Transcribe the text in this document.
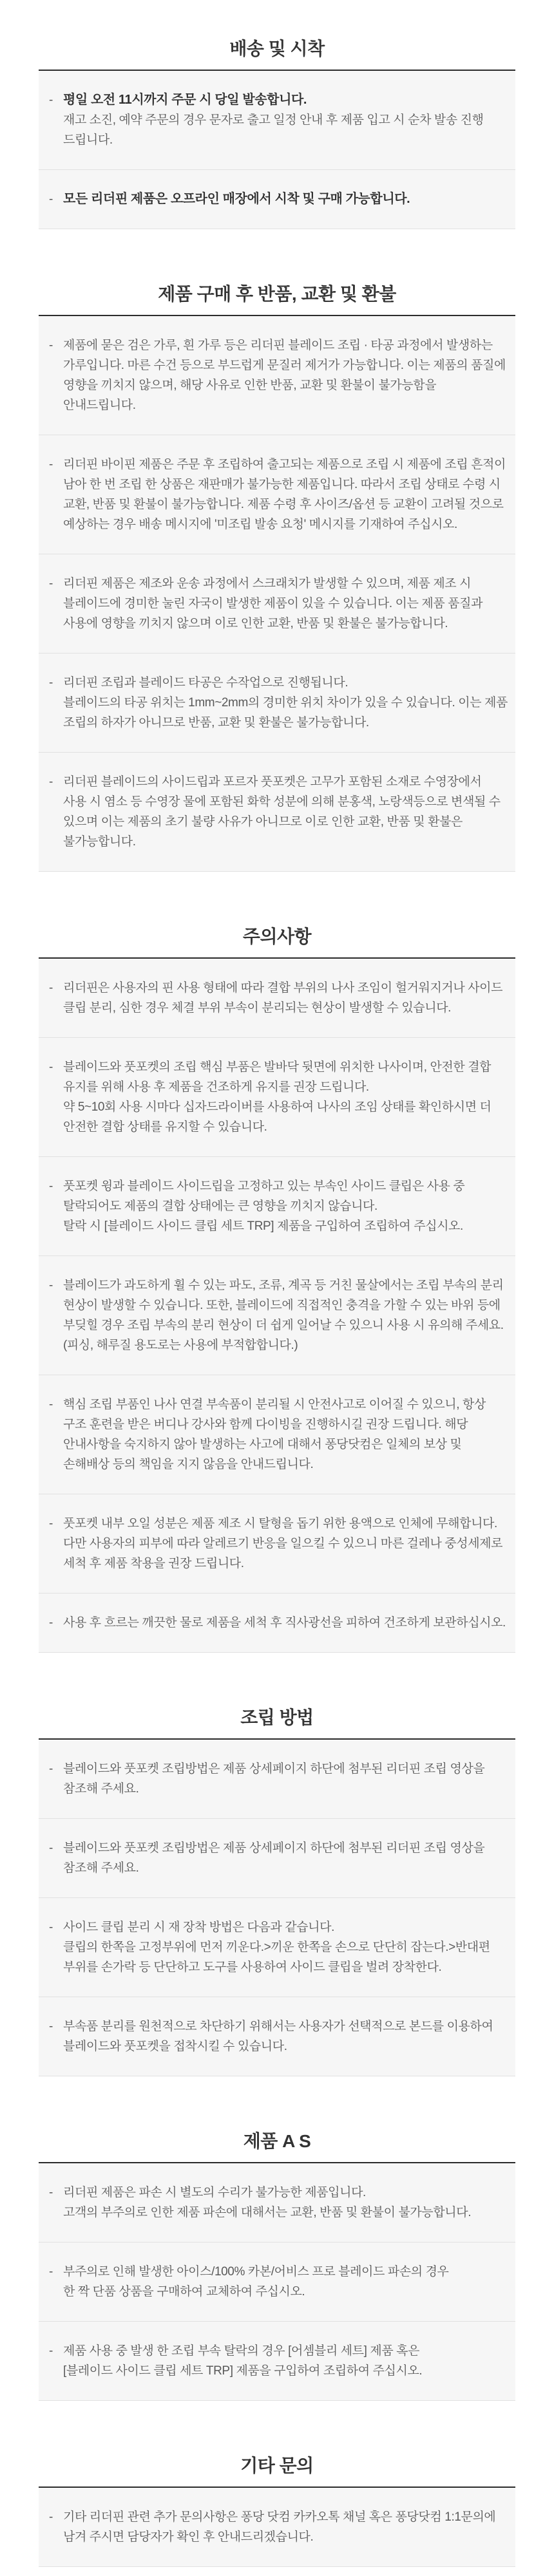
배송 및 시착
- 평일 오전 11시까지 주문 시 당일 발송합니다.
재고 소진, 예약 주문의 경우 문자로 출고 일정 안내 후 제품 입고 시 순차 발송 진행 드립니다.
- 모든 리더핀 제품은 오프라인 매장에서 시착 및 구매 가능합니다.
제품 구매 후 반품, 교환 및 환불
- 제품에 묻은 검은 가루, 흰 가루 등은 리더핀 블레이드 조립 · 타공 과정에서 발생하는 가루입니다. 마른 수건 등으로 부드럽게 문질러 제거가 가능합니다. 이는 제품의 품질에 영향을 끼치지 않으며, 해당 사유로 인한 반품, 교환 및 환불이 불가능함을 안내드립니다.
- 리더핀 바이핀 제품은 주문 후 조립하여 출고되는 제품으로 조립 시 제품에 조립 흔적이 남아 한 번 조립 한 상품은 재판매가 불가능한 제품입니다. 따라서 조립 상태로 수령 시 교환, 반품 및 환불이 불가능합니다. 제품 수령 후 사이즈/옵션 등 교환이 고려될 것으로 예상하는 경우 배송 메시지에 '미조립 발송 요청' 메시지를 기재하여 주십시오.
- 리더핀 제품은 제조와 운송 과정에서 스크래치가 발생할 수 있으며, 제품 제조 시 블레이드에 경미한 눌린 자국이 발생한 제품이 있을 수 있습니다. 이는 제품 품질과 사용에 영향을 끼치지 않으며 이로 인한 교환, 반품 및 환불은 불가능합니다.
- 리더핀 조립과 블레이드 타공은 수작업으로 진행됩니다.
블레이드의 타공 위치는 1mm~2mm의 경미한 위치 차이가 있을 수 있습니다. 이는 제품 조립의 하자가 아니므로 반품, 교환 및 환불은 불가능합니다.
- 리더핀 블레이드의 사이드립과 포르자 풋포켓은 고무가 포함된 소재로 수영장에서 사용 시 염소 등 수영장 물에 포함된 화학 성분에 의해 분홍색, 노랑색등으로 변색될 수 있으며 이는 제품의 초기 불량 사유가 아니므로 이로 인한 교환, 반품 및 환불은 불가능합니다.
주의사항
- 리더핀은 사용자의 핀 사용 형태에 따라 결합 부위의 나사 조임이 헐거워지거나 사이드 클립 분리, 심한 경우 체결 부위 부속이 분리되는 현상이 발생할 수 있습니다.
- 블레이드와 풋포켓의 조립 핵심 부품은 발바닥 뒷면에 위치한 나사이며, 안전한 결합 유지를 위해 사용 후 제품을 건조하게 유지를 권장 드립니다.
약 5~10회 사용 시마다 십자드라이버를 사용하여 나사의 조임 상태를 확인하시면 더 안전한 결합 상태를 유지할 수 있습니다.
- 풋포켓 윙과 블레이드 사이드립을 고정하고 있는 부속인 사이드 클립은 사용 중 탈락되어도 제품의 결합 상태에는 큰 영향을 끼치지 않습니다.
탈락 시 [블레이드 사이드 클립 세트 TRP] 제품을 구입하여 조립하여 주십시오.
- 블레이드가 과도하게 휠 수 있는 파도, 조류, 계곡 등 거친 물살에서는 조립 부속의 분리 현상이 발생할 수 있습니다. 또한, 블레이드에 직접적인 충격을 가할 수 있는 바위 등에 부딪힐 경우 조립 부속의 분리 현상이 더 쉽게 일어날 수 있으니 사용 시 유의해 주세요. (피싱, 해루질 용도로는 사용에 부적합합니다.)
- 핵심 조립 부품인 나사 연결 부속품이 분리될 시 안전사고로 이어질 수 있으니, 항상 구조 훈련을 받은 버디나 강사와 함께 다이빙을 진행하시길 권장 드립니다. 해당 안내사항을 숙지하지 않아 발생하는 사고에 대해서 퐁당닷컴은 일체의 보상 및 손해배상 등의 책임을 지지 않음을 안내드립니다.
- 풋포켓 내부 오일 성분은 제품 제조 시 탈형을 돕기 위한 용액으로 인체에 무해합니다. 다만 사용자의 피부에 따라 알레르기 반응을 일으킬 수 있으니 마른 걸레나 중성세제로 세척 후 제품 착용을 권장 드립니다.
- 사용 후 흐르는 깨끗한 물로 제품을 세척 후 직사광선을 피하여 건조하게 보관하십시오.
조립 방법
- 블레이드와 풋포켓 조립방법은 제품 상세페이지 하단에 첨부된 리더핀 조립 영상을 참조해 주세요.
- 블레이드와 풋포켓 조립방법은 제품 상세페이지 하단에 첨부된 리더핀 조립 영상을 참조해 주세요.
- 사이드 클립 분리 시 재 장착 방법은 다음과 같습니다.
클립의 한쪽을 고정부위에 먼저 끼운다.>끼운 한쪽을 손으로 단단히 잡는다.>반대편 부위를 손가락 등 단단하고 도구를 사용하여 사이드 클립을 벌려 장착한다.
- 부속품 분리를 원천적으로 차단하기 위해서는 사용자가 선택적으로 본드를 이용하여 블레이드와 풋포켓을 접착시킬 수 있습니다.
제품 A S
- 리더핀 제품은 파손 시 별도의 수리가 불가능한 제품입니다.
고객의 부주의로 인한 제품 파손에 대해서는 교환, 반품 및 환불이 불가능합니다.
- 부주의로 인해 발생한 아이스/100% 카본/어비스 프로 블레이드 파손의 경우
한 짝 단품 상품을 구매하여 교체하여 주십시오.
- 제품 사용 중 발생 한 조립 부속 탈락의 경우 [어셈블리 세트] 제품 혹은
[블레이드 사이드 클립 세트 TRP] 제품을 구입하여 조립하여 주십시오.
기타 문의
- 기타 리더핀 관련 추가 문의사항은 퐁당 닷컴 카카오톡 채널 혹은 퐁당닷컴 1:1문의에 남겨 주시면 담당자가 확인 후 안내드리겠습니다.
